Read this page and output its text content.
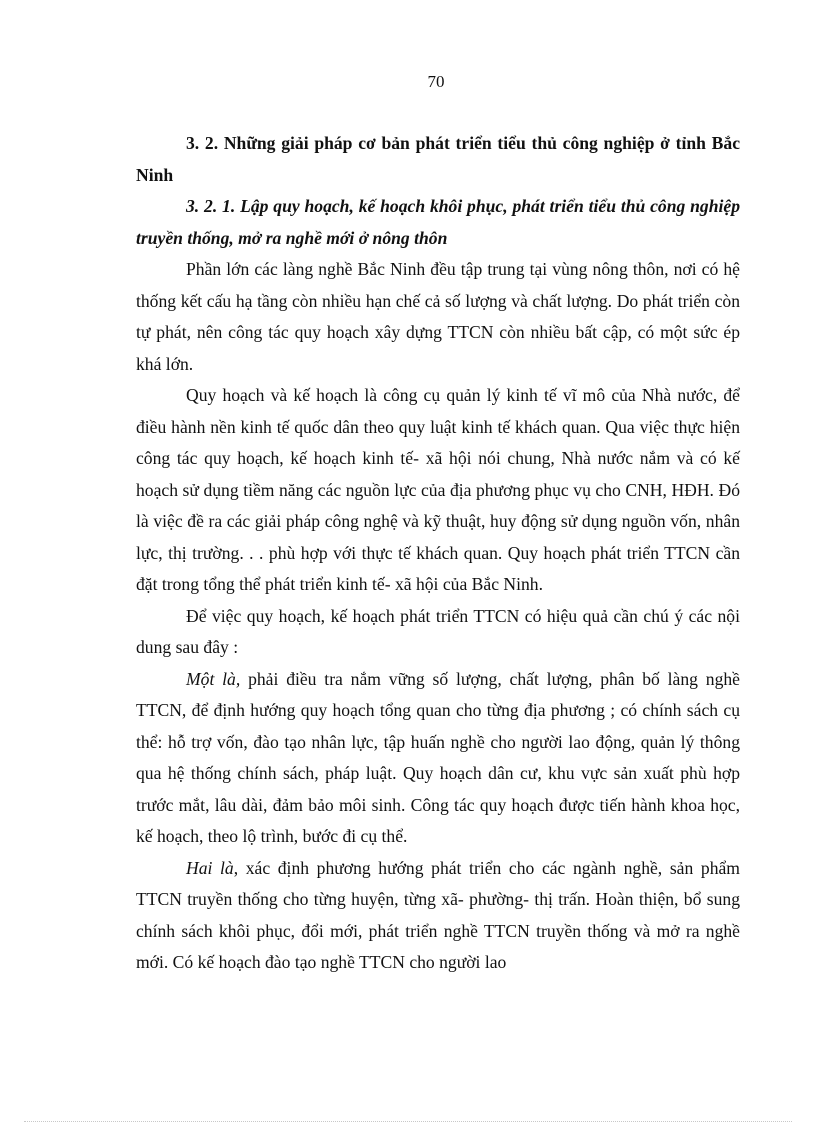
70

3. 2. Những giải pháp cơ bản phát triển tiểu thủ công nghiệp ở tỉnh Bắc Ninh

3. 2. 1. Lập quy hoạch, kế hoạch khôi phục, phát triển tiểu thủ công nghiệp truyền thống, mở ra nghề mới ở nông thôn

Phần lớn các làng nghề Bắc Ninh đều tập trung tại vùng nông thôn, nơi có hệ thống kết cấu hạ tầng còn nhiều hạn chế cả số lượng và chất lượng. Do phát triển còn tự phát, nên công tác quy hoạch xây dựng TTCN còn nhiều bất cập, có một sức ép khá lớn.

Quy hoạch và kế hoạch là công cụ quản lý kinh tế vĩ mô của Nhà nước, để điều hành nền kinh tế quốc dân theo quy luật kinh tế khách quan. Qua việc thực hiện công tác quy hoạch, kế hoạch kinh tế- xã hội nói chung, Nhà nước nắm và có kế hoạch sử dụng tiềm năng các nguồn lực của địa phương phục vụ cho CNH, HĐH. Đó là việc đề ra các giải pháp công nghệ và kỹ thuật, huy động sử dụng nguồn vốn, nhân lực, thị trường. . . phù hợp với thực tế khách quan. Quy hoạch phát triển TTCN cần đặt trong tổng thể phát triển kinh tế- xã hội của Bắc Ninh.

Để việc quy hoạch, kế hoạch phát triển TTCN có hiệu quả cần chú ý các nội dung sau đây :

Một là, phải điều tra nắm vững số lượng, chất lượng, phân bố làng nghề TTCN, để định hướng quy hoạch tổng quan cho từng địa phương ; có chính sách cụ thể: hỗ trợ vốn, đào tạo nhân lực, tập huấn nghề cho người lao động, quản lý thông qua hệ thống chính sách, pháp luật. Quy hoạch dân cư, khu vực sản xuất phù hợp trước mắt, lâu dài, đảm bảo môi sinh. Công tác quy hoạch được tiến hành khoa học, kế hoạch, theo lộ trình, bước đi cụ thể.

Hai là, xác định phương hướng phát triển cho các ngành nghề, sản phẩm TTCN truyền thống cho từng huyện, từng xã- phường- thị trấn. Hoàn thiện, bổ sung chính sách khôi phục, đổi mới, phát triển nghề TTCN truyền thống và mở ra nghề mới. Có kế hoạch đào tạo nghề TTCN cho người lao
